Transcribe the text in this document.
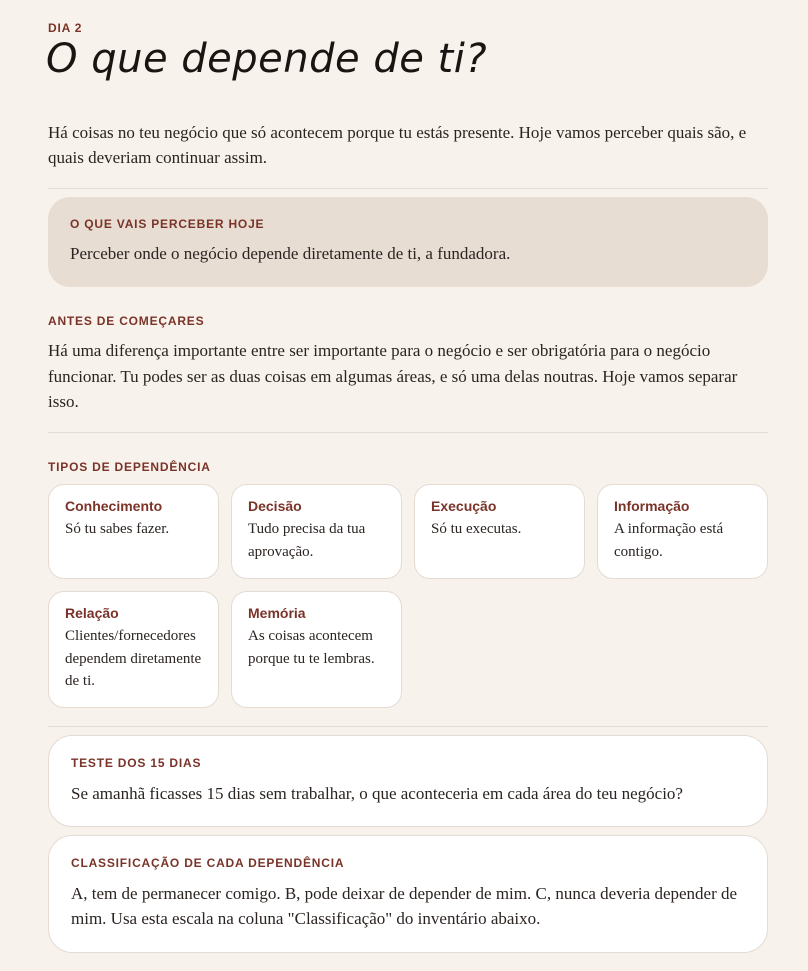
DIA 2
O que depende de ti?

Há coisas no teu negócio que só acontecem porque tu estás presente. Hoje vamos perceber quais são, e quais deveriam continuar assim.

O QUE VAIS PERCEBER HOJE

Perceber onde o negócio depende diretamente de ti, a fundadora.

ANTES DE COMEÇARES

Há uma diferença importante entre ser importante para o negócio e ser obrigatória para o negócio funcionar. Tu podes ser as duas coisas em algumas áreas, e só uma delas noutras. Hoje vamos separar isso.

TIPOS DE DEPENDÊNCIA
Conhecimento
Só tu sabes fazer.
Decisão
Tudo precisa da tua aprovação.
Execução
Só tu executas.
Informação
A informação está contigo.
Relação
Clientes/fornecedores dependem diretamente de ti.
Memória
As coisas acontecem porque tu te lembras.
TESTE DOS 15 DIAS

Se amanhã ficasses 15 dias sem trabalhar, o que aconteceria em cada área do teu negócio?

CLASSIFICAÇÃO DE CADA DEPENDÊNCIA

A, tem de permanecer comigo. B, pode deixar de depender de mim. C, nunca deveria depender de mim. Usa esta escala na coluna "Classificação" do inventário abaixo.
